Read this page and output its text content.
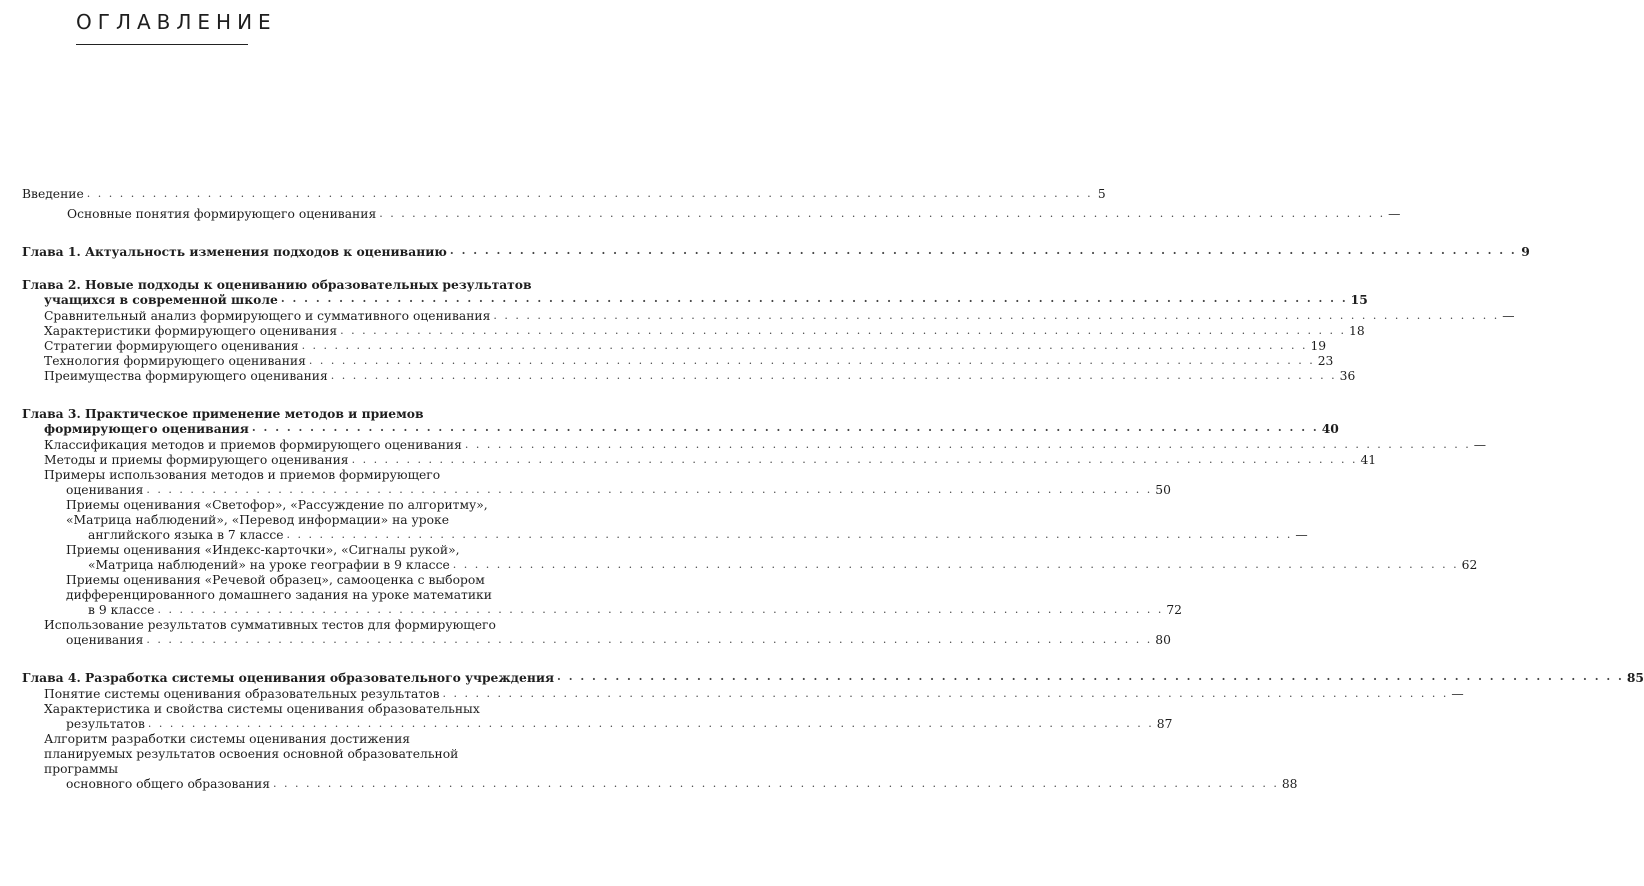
ОГЛАВЛЕНИЕ
Введение . . .	5
Основные понятия формирующего оценивания . . .	—
Глава 1. Актуальность изменения подходов к оцениванию . . .	9
Глава 2. Новые подходы к оцениванию образовательных результатов
учащихся в современной школе . . .	15
Сравнительный анализ формирующего и суммативного оценивания . . .	—
Характеристики формирующего оценивания . . .	18
Стратегии формирующего оценивания . . .	19
Технология формирующего оценивания . . .	23
Преимущества формирующего оценивания . . .	36
Глава 3. Практическое применение методов и приемов
формирующего оценивания . . .	40
Классификация методов и приемов формирующего оценивания . . .	—
Методы и приемы формирующего оценивания . . .	41
Примеры использования методов и приемов формирующего
оценивания . . .	50
Приемы оценивания «Светофор», «Рассуждение по алгоритму», «Матрица наблюдений», «Перевод информации» на уроке
английского языка в 7 классе . . .	—
Приемы оценивания «Индекс-карточки», «Сигналы рукой»,
«Матрица наблюдений» на уроке географии в 9 классе . . .	62
Приемы оценивания «Речевой образец», самооценка с выбором дифференцированного домашнего задания на уроке математики
в 9 классе . . .	72
Использование результатов суммативных тестов для формирующего
оценивания . . .	80
Глава 4. Разработка системы оценивания образовательного учреждения . . .	85
Понятие системы оценивания образовательных результатов . . .	—
Характеристика и свойства системы оценивания образовательных
результатов . . .	87
Алгоритм разработки системы оценивания достижения планируемых результатов освоения основной образовательной программы
основного общего образования . . .	88
